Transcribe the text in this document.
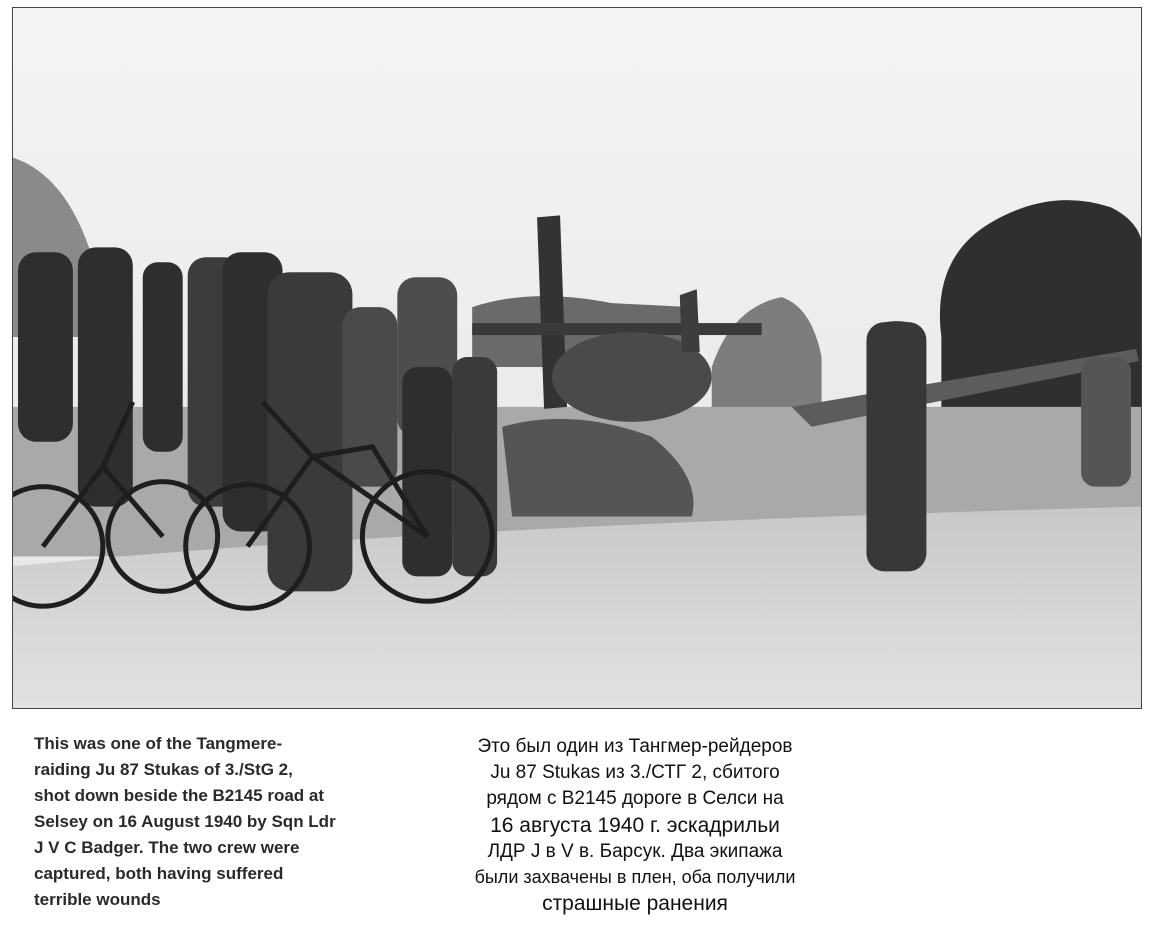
This was one of the Tangmere-
raiding Ju 87 Stukas of 3./StG 2,
shot down beside the B2145 road at
Selsey on 16 August 1940 by Sqn Ldr
J V C Badger. The two crew were
captured, both having suffered
terrible wounds

Это был один из Тангмер-рейдеров
Ju 87 Stukas из 3./СТГ 2, сбитого
рядом с B2145 дороге в Селси на
16 августа 1940 г. эскадрильи
ЛДР J в V в. Барсук. Два экипажа
были захвачены в плен, оба получили
страшные ранения
